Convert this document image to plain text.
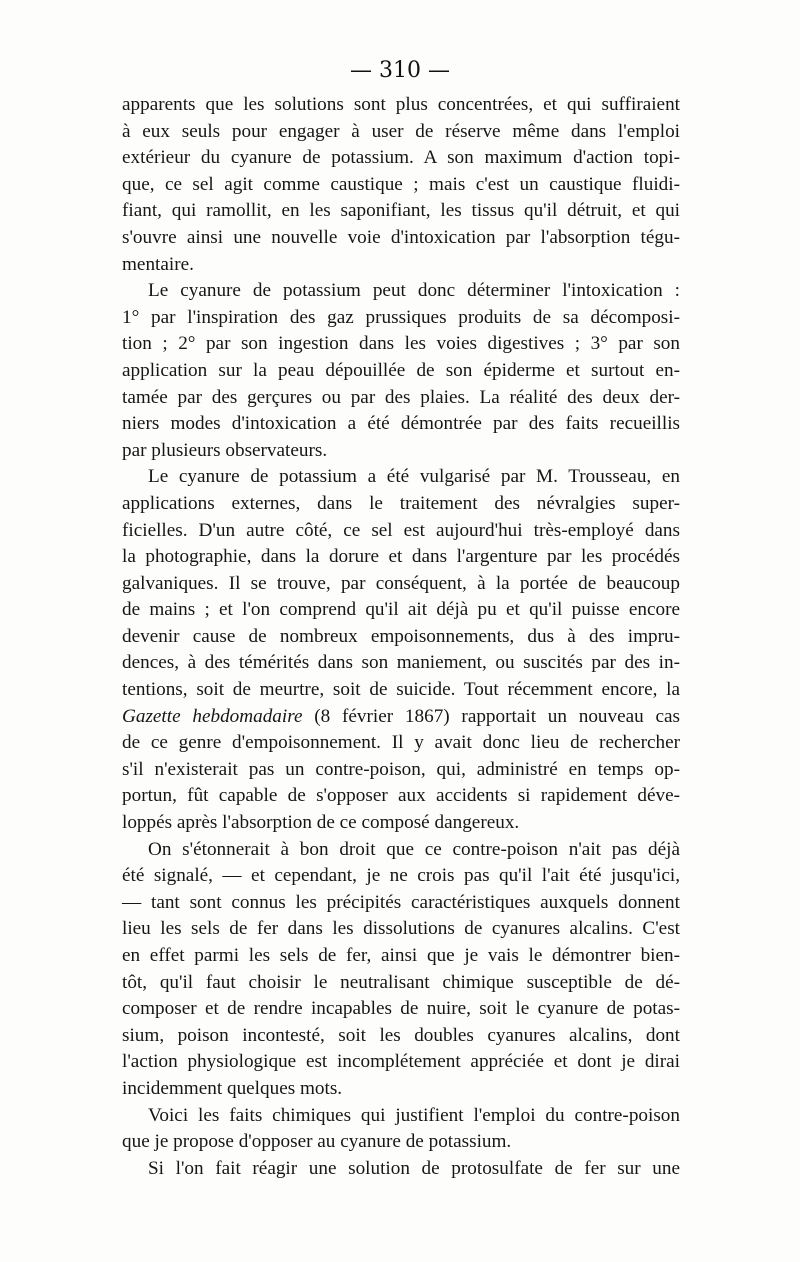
— 310 —
apparents que les solutions sont plus concentrées, et qui suffiraient
à eux seuls pour engager à user de réserve même dans l'emploi
extérieur du cyanure de potassium. A son maximum d'action topi-
que, ce sel agit comme caustique ; mais c'est un caustique fluidi-
fiant, qui ramollit, en les saponifiant, les tissus qu'il détruit, et qui
s'ouvre ainsi une nouvelle voie d'intoxication par l'absorption tégu-
mentaire.
Le cyanure de potassium peut donc déterminer l'intoxication :
1° par l'inspiration des gaz prussiques produits de sa décomposi-
tion ; 2° par son ingestion dans les voies digestives ; 3° par son
application sur la peau dépouillée de son épiderme et surtout en-
tamée par des gerçures ou par des plaies. La réalité des deux der-
niers modes d'intoxication a été démontrée par des faits recueillis
par plusieurs observateurs.
Le cyanure de potassium a été vulgarisé par M. Trousseau, en
applications externes, dans le traitement des névralgies super-
ficielles. D'un autre côté, ce sel est aujourd'hui très-employé dans
la photographie, dans la dorure et dans l'argenture par les procédés
galvaniques. Il se trouve, par conséquent, à la portée de beaucoup
de mains ; et l'on comprend qu'il ait déjà pu et qu'il puisse encore
devenir cause de nombreux empoisonnements, dus à des impru-
dences, à des témérités dans son maniement, ou suscités par des in-
tentions, soit de meurtre, soit de suicide. Tout récemment encore, la
Gazette hebdomadaire (8 février 1867) rapportait un nouveau cas
de ce genre d'empoisonnement. Il y avait donc lieu de rechercher
s'il n'existerait pas un contre-poison, qui, administré en temps op-
portun, fût capable de s'opposer aux accidents si rapidement déve-
loppés après l'absorption de ce composé dangereux.
On s'étonnerait à bon droit que ce contre-poison n'ait pas déjà
été signalé, — et cependant, je ne crois pas qu'il l'ait été jusqu'ici,
— tant sont connus les précipités caractéristiques auxquels donnent
lieu les sels de fer dans les dissolutions de cyanures alcalins. C'est
en effet parmi les sels de fer, ainsi que je vais le démontrer bien-
tôt, qu'il faut choisir le neutralisant chimique susceptible de dé-
composer et de rendre incapables de nuire, soit le cyanure de potas-
sium, poison incontesté, soit les doubles cyanures alcalins, dont
l'action physiologique est incomplétement appréciée et dont je dirai
incidemment quelques mots.
Voici les faits chimiques qui justifient l'emploi du contre-poison
que je propose d'opposer au cyanure de potassium.
Si l'on fait réagir une solution de protosulfate de fer sur une
